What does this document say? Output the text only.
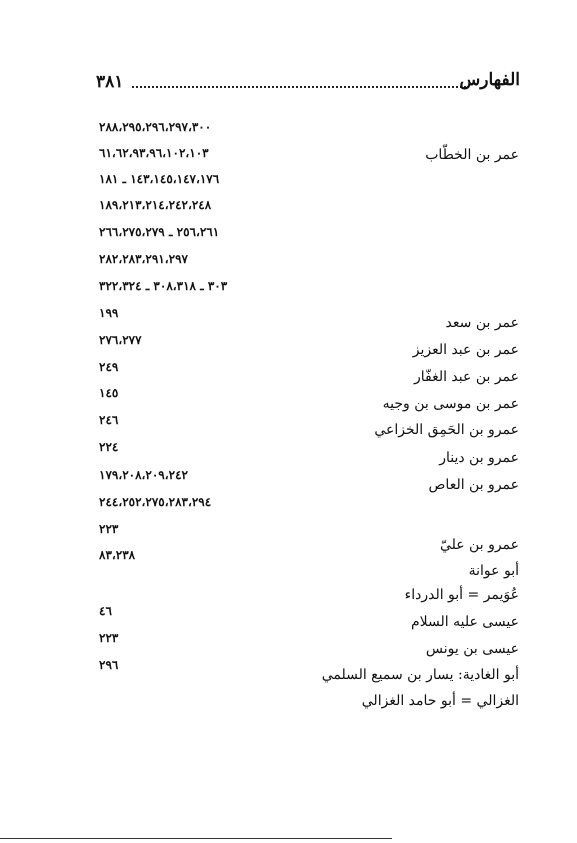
٣٨١	الفهارس
عمر بن الخطّاب
عمر بن سعد
عمر بن عبد العزيز
عمر بن عبد الغفّار
عمر بن موسى بن وجيه
عمرو بن الحَمِق الخزاعي
عمرو بن دينار
عمرو بن العاص
عمرو بن عليّ
أبو عوانة
عُوَيمر = أبو الدرداء
عيسى عليه السلام
عيسى بن يونس
أبو الغادية: يسار بن سميع السلمي
الغزالي = أبو حامد الغزالي
٢٨٨،٢٩٥،٢٩٦،٢٩٧،٣٠٠
٦١،٦٢،٩٣،٩٦،١٠٢،١٠٣
١٤٣،١٤٥،١٤٧،١٧٦ ـ ١٨١
١٨٩،٢١٣،٢١٤،٢٤٢،٢٤٨
٢٥٦،٢٦١ ـ ٢٦٦،٢٧٥،٢٧٩
٢٨٢،٢٨٣،٢٩١،٢٩٧
٣٠٣ ـ ٣٠٨،٣١٨ ـ ٣٢٢،٣٢٤
١٩٩
٢٧٦،٢٧٧
٢٤٩
١٤٥
٢٤٦
٢٢٤
١٧٩،٢٠٨،٢٠٩،٢٤٢
٢٤٤،٢٥٢،٢٧٥،٢٨٣،٢٩٤
٢٢٣
٨٣،٢٣٨
٤٦
٢٢٣
٢٩٦
